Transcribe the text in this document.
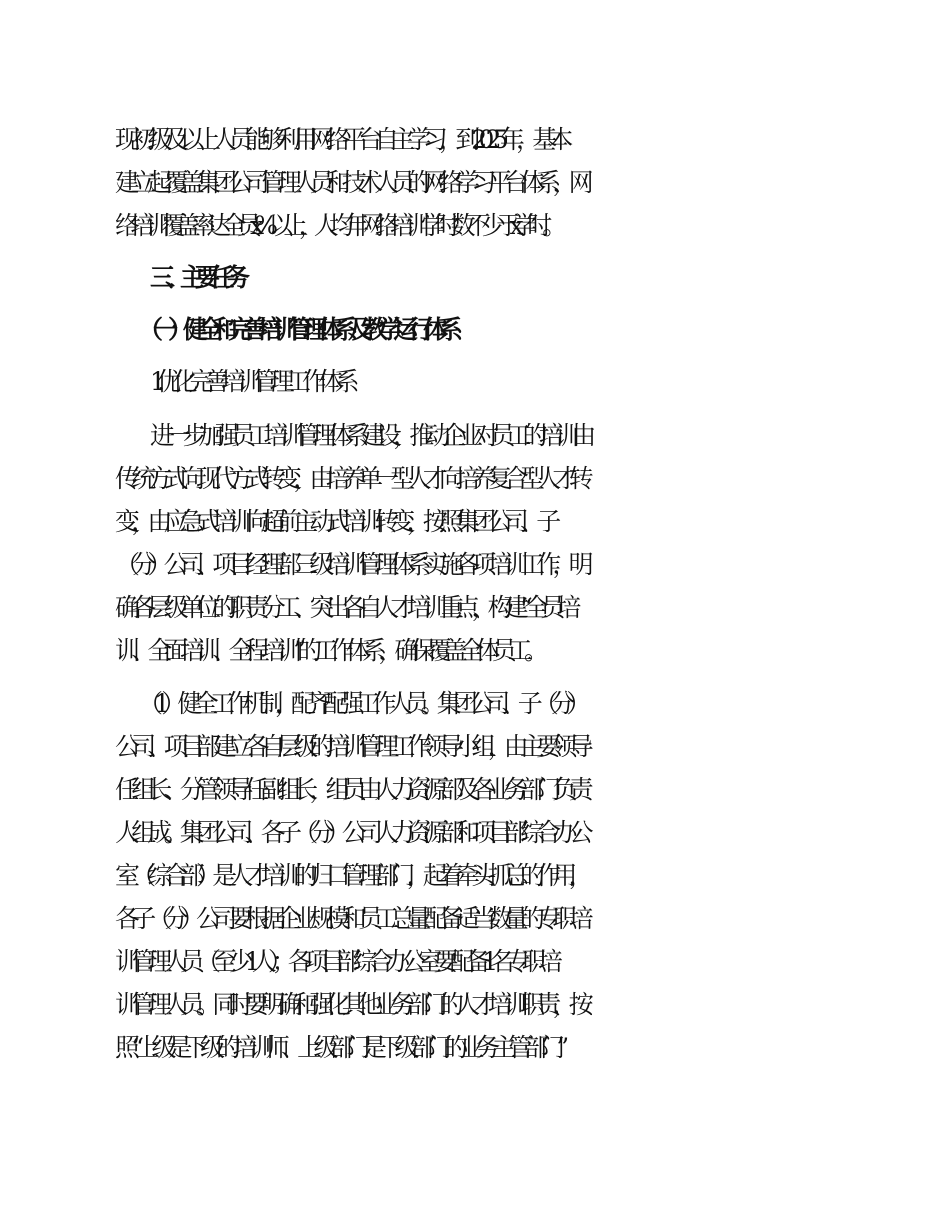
现初级及以上人员能够利用网络平台自主学习，到2025年，基本
建立起覆盖集团公司管理人员和技术人员的网络学习平台体系，网
络培训覆盖率达全员 x%以上，人均年网络培训学时数不少于 x 学时。
三、主要任务
（一）健全和完善培训管理体系及教学运行体系
1.优化完善培训管理工作体系
进一步加强员工培训管理体系建设，推动企业对员工的培训由
传统方式向现代方式转变，由培养单一型人才向培养复合型人才转
变，由应急式培训向超前主动式培训转变，按照集团公司、子
（分）公司、项目经理部三级培训管理体系实施各项培训工作，明
确各层级单位的职责分工、突出各自人才培训重点，构建“全员培
训、全面培训、全程培训”的工作体系，确保覆盖全体员工。
（1）健全工作机制，配齐配强工作人员。集团公司、子（分）
公司、项目部建立各自层级的培训管理工作领导小组，由主要领导
任组长、分管领导任副组长，组员由人力资源部及各业务部门负责
人组成。集团公司、各子（分）公司人力资源部和项目部综合办公
室（综合部）是人才培训的归口管理部门，起着牵头抓总的作用，
各子（分）公司要根据企业规模和员工总量配备适当数量的专职培
训管理人员（至少1人）；各项目部综合办公室要配备1名专职培
训管理人员。同时要明确和强化其他业务部门的人才培训职责，按
照“上级是下级的培训师、上级部门是下级部门的业务主管部门”
